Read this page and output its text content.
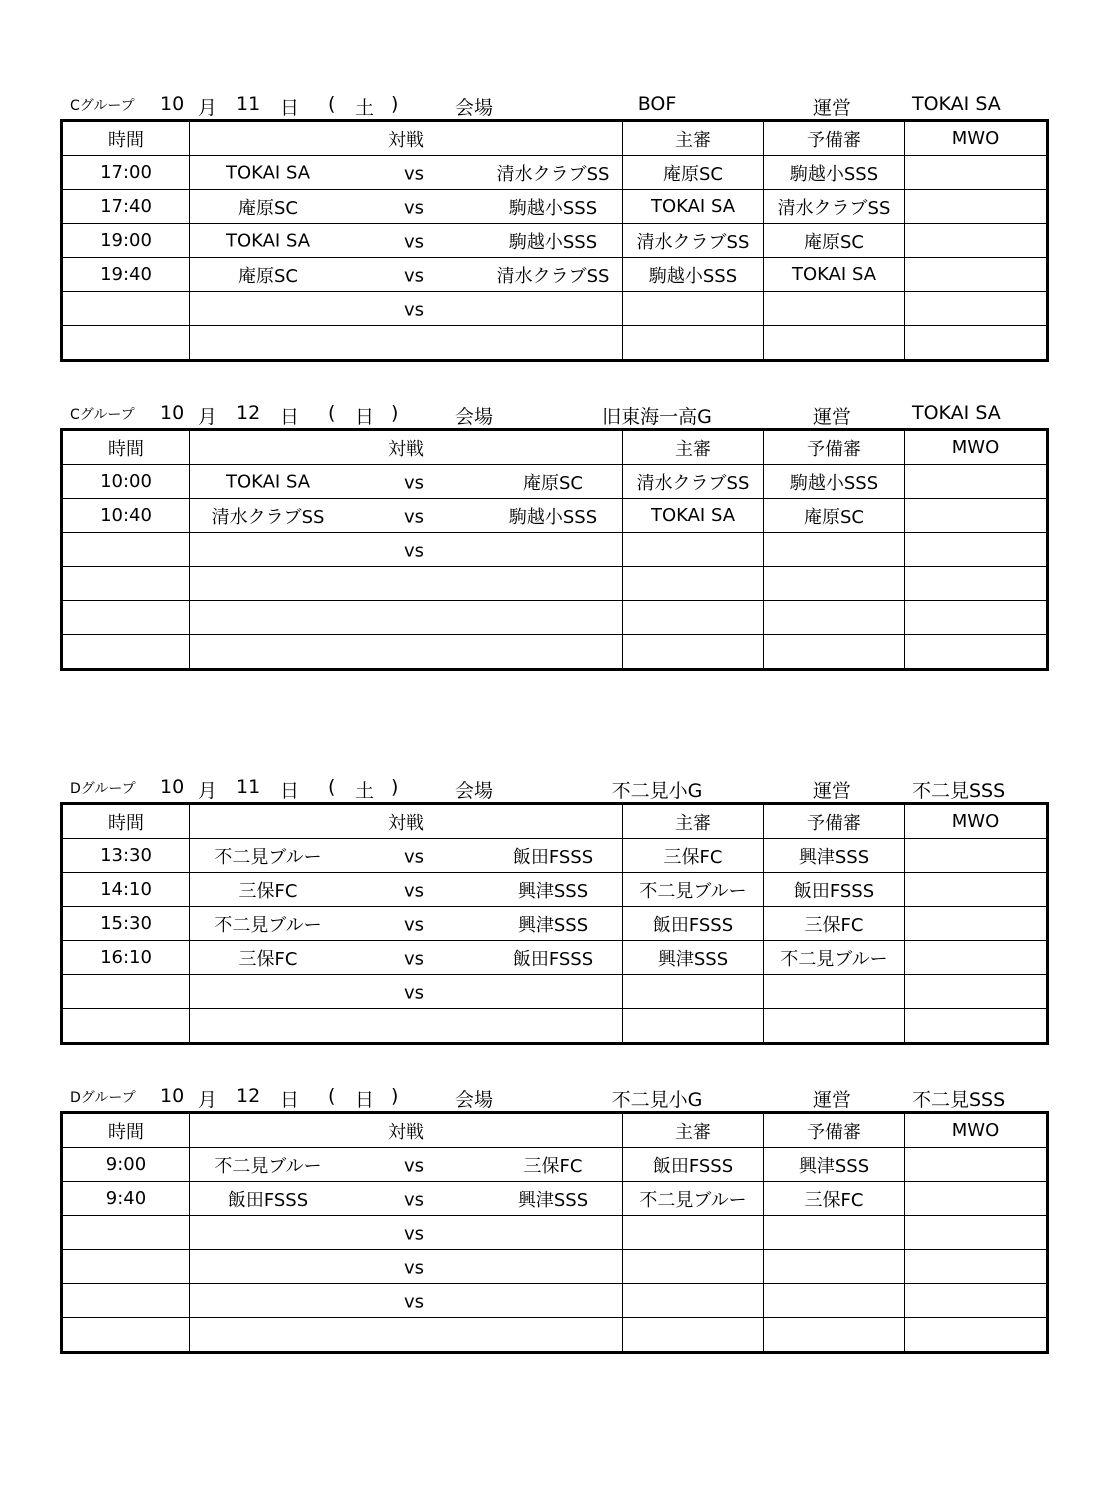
Cグループ 10 月 11 日 ( 土 )	会場	BOF	運営	TOKAI SA
時間	対戦	主審	予備審	MWO
17:00	TOKAI SA vs 清水クラブSS	庵原SC	駒越小SSS	
17:40	庵原SC vs 駒越小SSS	TOKAI SA	清水クラブSS	
19:00	TOKAI SA vs 駒越小SSS	清水クラブSS	庵原SC	
19:40	庵原SC vs 清水クラブSS	駒越小SSS	TOKAI SA	

	vs			

Cグループ 10 月 12 日 ( 日 )	会場	旧東海一高G	運営	TOKAI SA
時間	対戦	主審	予備審	MWO
10:00	TOKAI SA vs 庵原SC	清水クラブSS	駒越小SSS	
10:40	清水クラブSS vs 駒越小SSS	TOKAI SA	庵原SC	

	vs			

Dグループ 10 月 11 日 ( 土 )	会場	不二見小G	運営	不二見SSS
時間	対戦	主審	予備審	MWO
13:30	不二見ブルー vs 飯田FSSS	三保FC	興津SSS	
14:10	三保FC vs 興津SSS	不二見ブルー	飯田FSSS	
15:30	不二見ブルー vs 興津SSS	飯田FSSS	三保FC	
16:10	三保FC vs 飯田FSSS	興津SSS	不二見ブルー	

	vs			

Dグループ 10 月 12 日 ( 日 )	会場	不二見小G	運営	不二見SSS
時間	対戦	主審	予備審	MWO
9:00	不二見ブルー vs 三保FC	飯田FSSS	興津SSS	
9:40	飯田FSSS vs 興津SSS	不二見ブルー	三保FC	

	vs			

	vs			

	vs			
